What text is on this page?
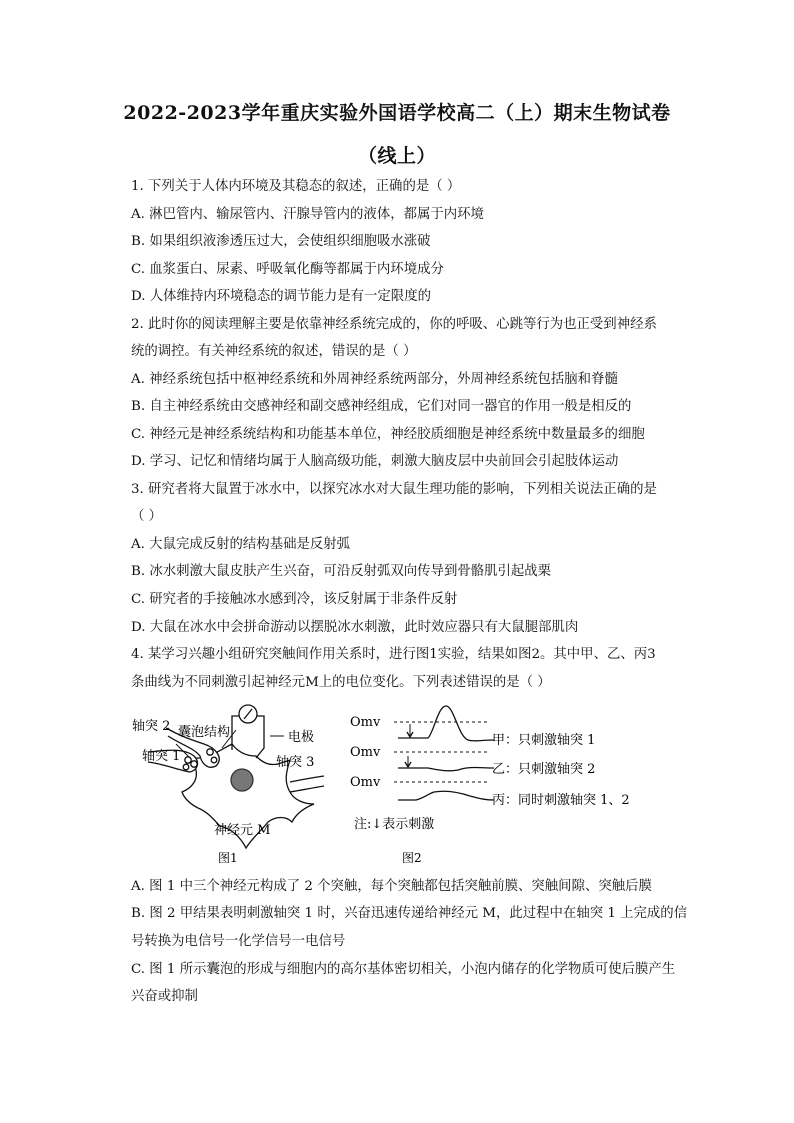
2022-2023学年重庆实验外国语学校高二（上）期末生物试卷
（线上）
1. 下列关于人体内环境及其稳态的叙述，正确的是（ ）
A. 淋巴管内、输尿管内、汗腺导管内的液体，都属于内环境
B. 如果组织液渗透压过大，会使组织细胞吸水涨破
C. 血浆蛋白、尿素、呼吸氧化酶等都属于内环境成分
D. 人体维持内环境稳态的调节能力是有一定限度的
2. 此时你的阅读理解主要是依靠神经系统完成的，你的呼吸、心跳等行为也正受到神经系
统的调控。有关神经系统的叙述，错误的是（ ）
A. 神经系统包括中枢神经系统和外周神经系统两部分，外周神经系统包括脑和脊髓
B. 自主神经系统由交感神经和副交感神经组成，它们对同一器官的作用一般是相反的
C. 神经元是神经系统结构和功能基本单位，神经胶质细胞是神经系统中数量最多的细胞
D. 学习、记忆和情绪均属于人脑高级功能，刺激大脑皮层中央前回会引起肢体运动
3. 研究者将大鼠置于冰水中，以探究冰水对大鼠生理功能的影响，下列相关说法正确的是
（ ）
A. 大鼠完成反射的结构基础是反射弧
B. 冰水刺激大鼠皮肤产生兴奋，可沿反射弧双向传导到骨骼肌引起战栗
C. 研究者的手接触冰水感到冷，该反射属于非条件反射
D. 大鼠在冰水中会拼命游动以摆脱冰水刺激，此时效应器只有大鼠腿部肌肉
4. 某学习兴趣小组研究突触间作用关系时，进行图1实验，结果如图2。其中甲、乙、丙3
条曲线为不同刺激引起神经元M上的电位变化。下列表述错误的是（ ）
轴突 2 囊泡结构	电极
轴突 1	轴突 3
神经元 M
图1
Omv
Omv
Omv
甲：只刺激轴突 1
乙：只刺激轴突 2
丙：同时刺激轴突 1、2
注:↓表示刺激
图2
A. 图 1 中三个神经元构成了 2 个突触，每个突触都包括突触前膜、突触间隙、突触后膜
B. 图 2 甲结果表明刺激轴突 1 时，兴奋迅速传递给神经元 M，此过程中在轴突 1 上完成的信
号转换为电信号一化学信号一电信号
C. 图 1 所示囊泡的形成与细胞内的高尔基体密切相关，小泡内储存的化学物质可使后膜产生
兴奋或抑制
